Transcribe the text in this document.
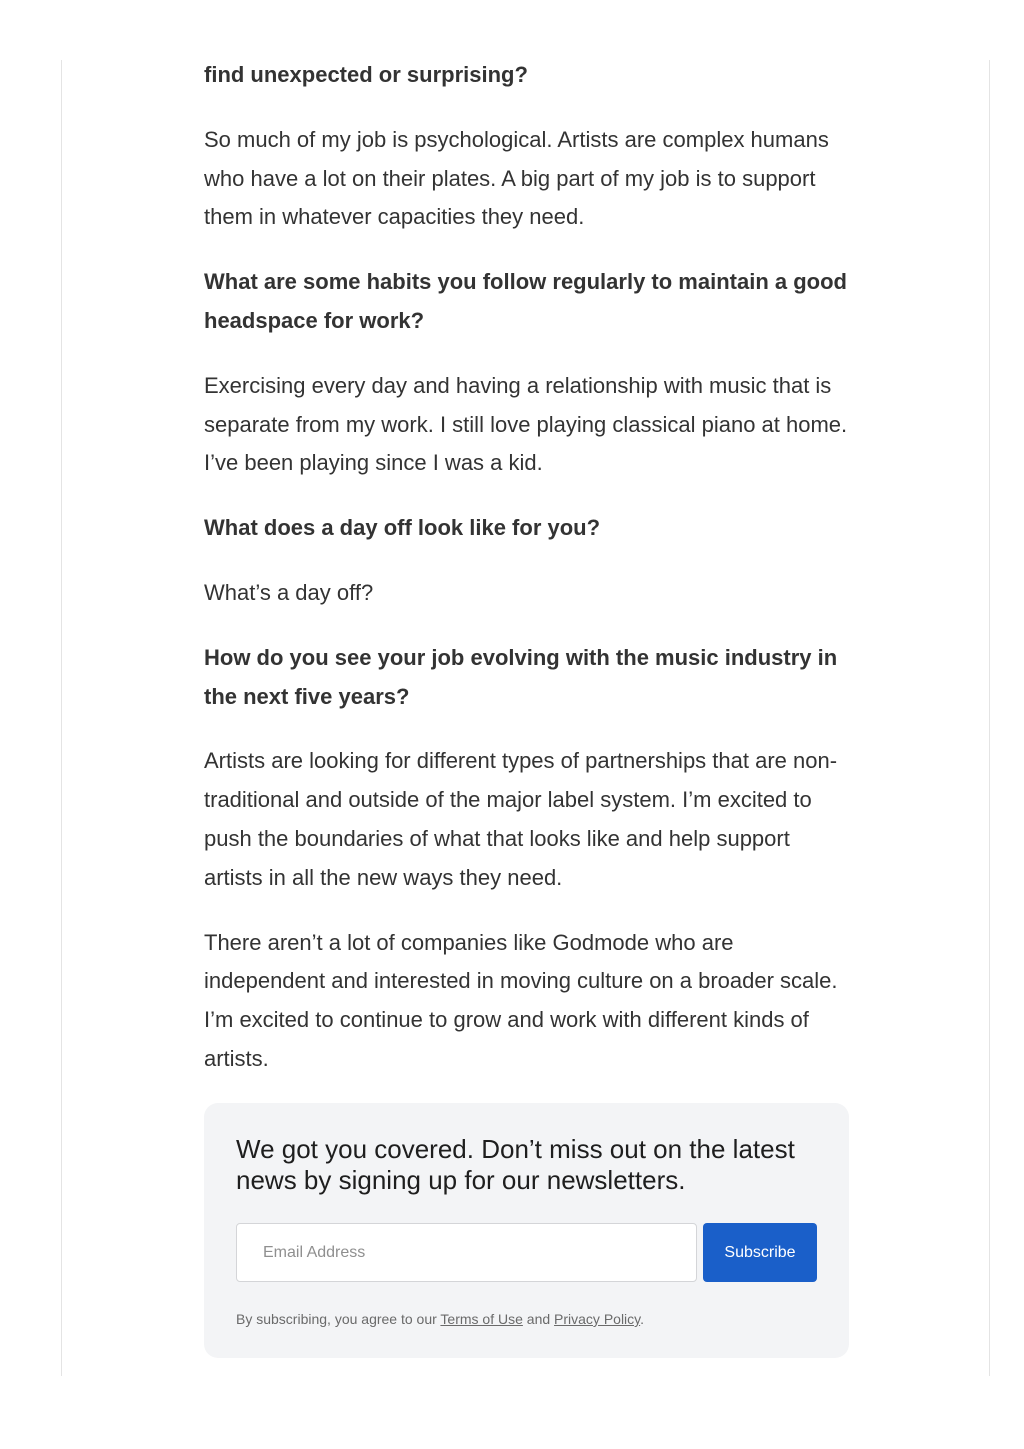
find unexpected or surprising?

So much of my job is psychological. Artists are complex humans who have a lot on their plates. A big part of my job is to support them in whatever capacities they need.

What are some habits you follow regularly to maintain a good headspace for work?

Exercising every day and having a relationship with music that is separate from my work. I still love playing classical piano at home. I’ve been playing since I was a kid.

What does a day off look like for you?

What’s a day off?

How do you see your job evolving with the music industry in the next five years?

Artists are looking for different types of partnerships that are non-traditional and outside of the major label system. I’m excited to push the boundaries of what that looks like and help support artists in all the new ways they need.

There aren’t a lot of companies like Godmode who are independent and interested in moving culture on a broader scale. I’m excited to continue to grow and work with different kinds of artists.

We got you covered. Don’t miss out on the latest news by signing up for our newsletters.
Email Address
Subscribe
By subscribing, you agree to our Terms of Use and Privacy Policy.
